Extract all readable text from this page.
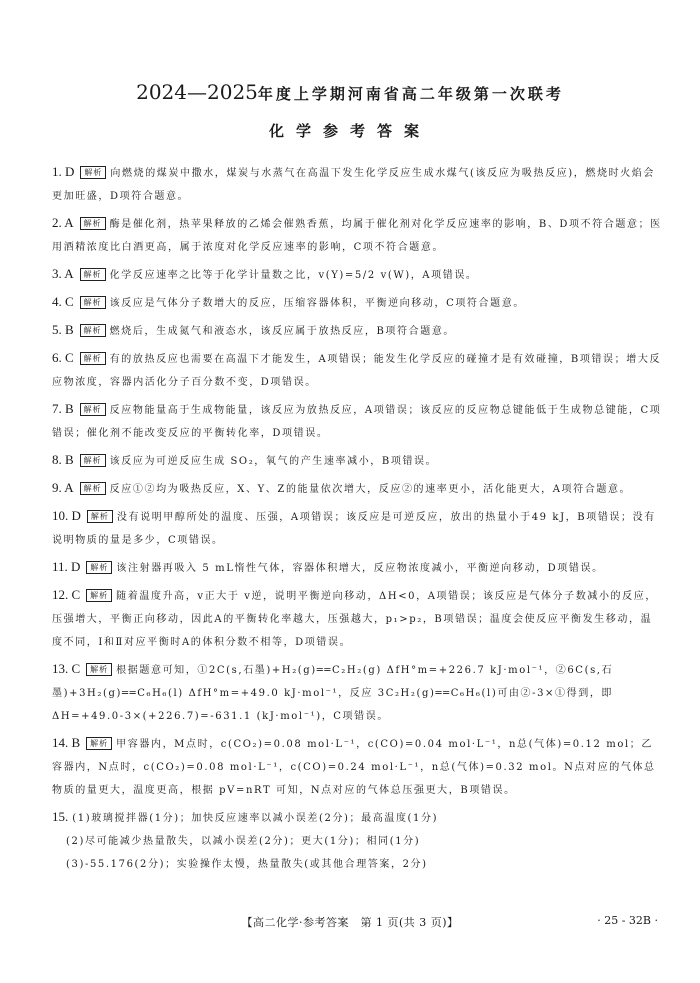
2024—2025年度上学期河南省高二年级第一次联考
化学参考答案
1. D 解析 向燃烧的煤炭中撒水，煤炭与水蒸气在高温下发生化学反应生成水煤气(该反应为吸热反应)，燃烧时火焰会更加旺盛，D项符合题意。
2. A 解析 酶是催化剂，热苹果释放的乙烯会催熟香蕉，均属于催化剂对化学反应速率的影响，B、D项不符合题意；医用酒精浓度比白酒更高，属于浓度对化学反应速率的影响，C项不符合题意。
3. A 解析 化学反应速率之比等于化学计量数之比，v(Y)=5/2 v(W)，A项错误。
4. C 解析 该反应是气体分子数增大的反应，压缩容器体积，平衡逆向移动，C项符合题意。
5. B 解析 燃烧后，生成氮气和液态水，该反应属于放热反应，B项符合题意。
6. C 解析 有的放热反应也需要在高温下才能发生，A项错误；能发生化学反应的碰撞才是有效碰撞，B项错误；增大反应物浓度，容器内活化分子百分数不变，D项错误。
7. B 解析 反应物能量高于生成物能量，该反应为放热反应，A项错误；该反应的反应物总键能低于生成物总键能，C项错误；催化剂不能改变反应的平衡转化率，D项错误。
8. B 解析 该反应为可逆反应生成 SO₂，氧气的产生速率减小，B项错误。
9. A 解析 反应①②均为吸热反应，X、Y、Z的能量依次增大，反应②的速率更小，活化能更大，A项符合题意。
10. D 解析 没有说明甲醇所处的温度、压强，A项错误；该反应是可逆反应，放出的热量小于49 kJ，B项错误；没有说明物质的量是多少，C项错误。
11. D 解析 该注射器再吸入 5 mL惰性气体，容器体积增大，反应物浓度减小，平衡逆向移动，D项错误。
12. C 解析 随着温度升高，v正大于 v逆，说明平衡逆向移动，ΔH<0，A项错误；该反应是气体分子数减小的反应，压强增大，平衡正向移动，因此A的平衡转化率越大，压强越大，p₁>p₂，B项错误；温度会使反应平衡发生移动，温度不同，Ⅰ和Ⅱ对应平衡时A的体积分数不相等，D项错误。
13. C 解析 根据题意可知，①2C(s,石墨)+H₂(g)══C₂H₂(g) ΔfH°m=+226.7 kJ·mol⁻¹，②6C(s,石墨)+3H₂(g)══C₆H₆(l) ΔfH°m=+49.0 kJ·mol⁻¹，反应 3C₂H₂(g)══C₆H₆(l)可由②-3×①得到，即 ΔH=+49.0-3×(+226.7)=-631.1 (kJ·mol⁻¹)，C项错误。
14. B 解析 甲容器内，M点时，c(CO₂)=0.08 mol·L⁻¹，c(CO)=0.04 mol·L⁻¹，n总(气体)=0.12 mol；乙容器内，N点时，c(CO₂)=0.08 mol·L⁻¹，c(CO)=0.24 mol·L⁻¹，n总(气体)=0.32 mol。N点对应的气体总物质的量更大，温度更高，根据 pV=nRT 可知，N点对应的气体总压强更大，B项错误。
15. (1)玻璃搅拌器(1分)；加快反应速率以减小误差(2分)；最高温度(1分)
(2)尽可能减少热量散失，以减小误差(2分)；更大(1分)；相同(1分)
(3)-55.176(2分)；实验操作太慢，热量散失(或其他合理答案，2分)
【高二化学·参考答案　第 1 页(共 3 页)】	· 25 - 32B ·
